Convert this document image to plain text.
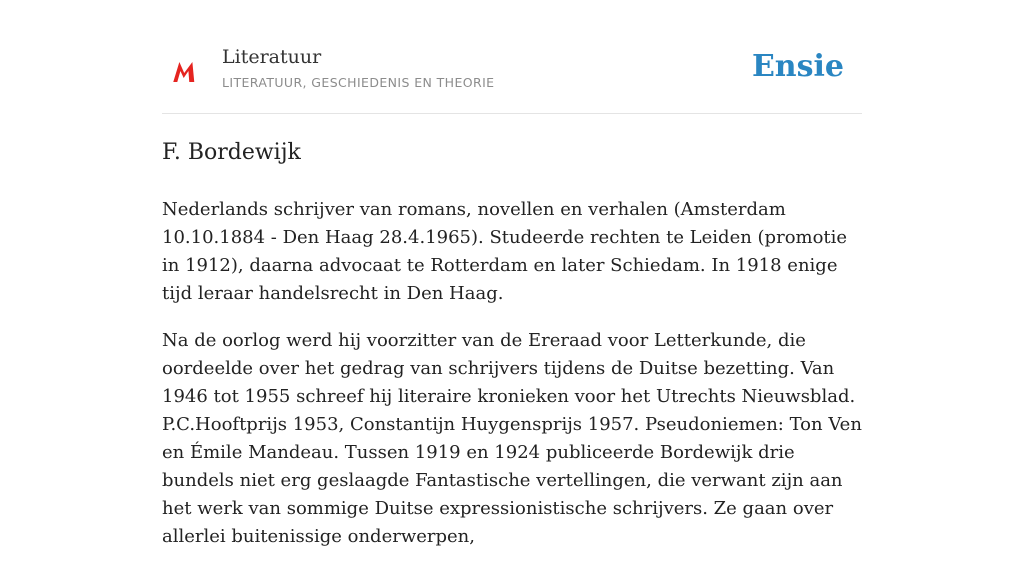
Literatuur
LITERATUUR, GESCHIEDENIS EN THEORIE	Ensie
F. Bordewijk

Nederlands schrijver van romans, novellen en verhalen (Amsterdam 10.10.1884 - Den Haag 28.4.1965). Studeerde rechten te Leiden (promotie in 1912), daarna advocaat te Rotterdam en later Schiedam. In 1918 enige tijd leraar handelsrecht in Den Haag.

Na de oorlog werd hij voorzitter van de Ereraad voor Letterkunde, die oordeelde over het gedrag van schrijvers tijdens de Duitse bezetting. Van 1946 tot 1955 schreef hij literaire kronieken voor het Utrechts Nieuwsblad. P.C.Hooftprijs 1953, Constantijn Huygensprijs 1957. Pseudoniemen: Ton Ven en Émile Mandeau. Tussen 1919 en 1924 publiceerde Bordewijk drie bundels niet erg geslaagde Fantastische vertellingen, die verwant zijn aan het werk van sommige Duitse expressionistische schrijvers. Ze gaan over allerlei buitenissige onderwerpen,
